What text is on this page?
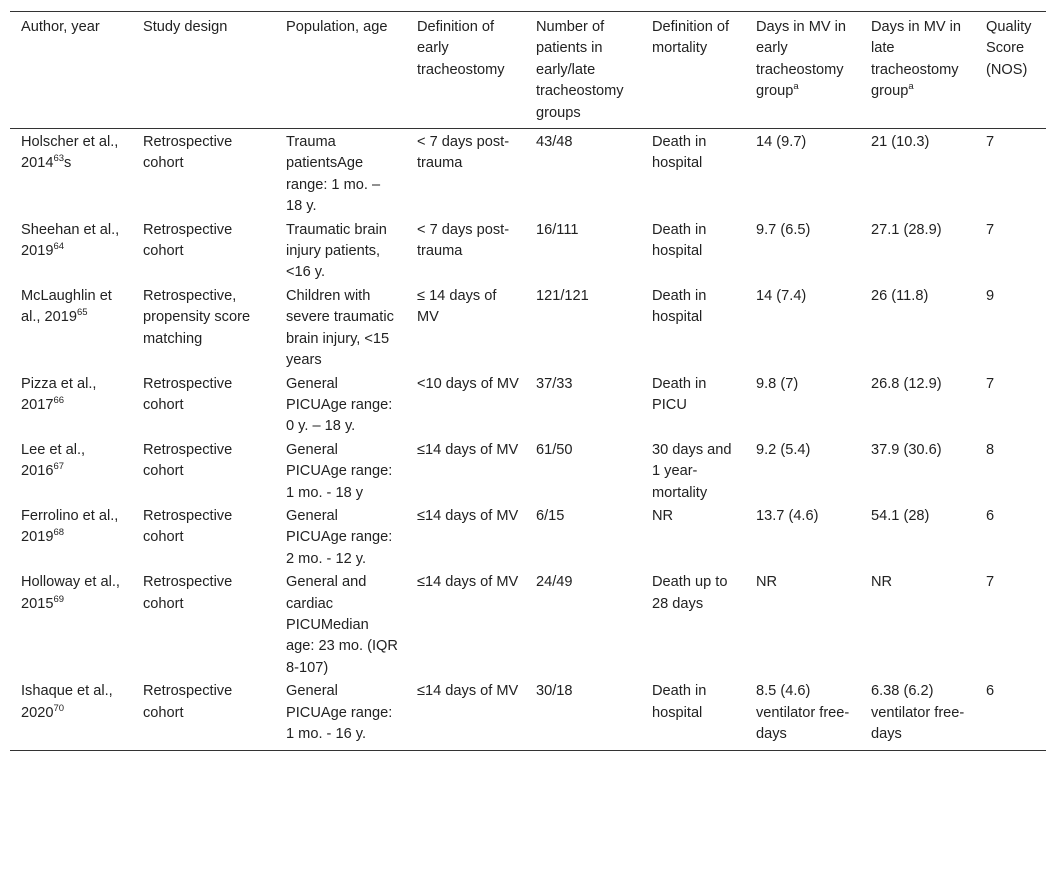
Author, year	Study design	Population, age	Definition of early tracheostomy	Number of patients in early/late tracheostomy groups	Definition of mortality	Days in MV in early tracheostomy group$^a$	Days in MV in late tracheostomy group$^a$	Quality Score (NOS)
Holscher et al., 2014$^{63}$s	Retrospective cohort	Trauma patientsAge range: 1 mo. – 18 y.	< 7 days post-trauma	43/48	Death in hospital	14 (9.7)	21 (10.3)	7
Sheehan et al., 2019$^{64}$	Retrospective cohort	Traumatic brain injury patients, <16 y.	< 7 days post-trauma	16/111	Death in hospital	9.7 (6.5)	27.1 (28.9)	7
McLaughlin et al., 2019$^{65}$	Retrospective, propensity score matching	Children with severe traumatic brain injury, <15 years	≤ 14 days of MV	121/121	Death in hospital	14 (7.4)	26 (11.8)	9
Pizza et al., 2017$^{66}$	Retrospective cohort	General PICUAge range: 0 y. – 18 y.	<10 days of MV	37/33	Death in PICU	9.8 (7)	26.8 (12.9)	7
Lee et al., 2016$^{67}$	Retrospective cohort	General PICUAge range: 1 mo. - 18 y	≤14 days of MV	61/50	30 days and 1 year-mortality	9.2 (5.4)	37.9 (30.6)	8
Ferrolino et al., 2019$^{68}$	Retrospective cohort	General PICUAge range: 2 mo. - 12 y.	≤14 days of MV	6/15	NR	13.7 (4.6)	54.1 (28)	6
Holloway et al., 2015$^{69}$	Retrospective cohort	General and cardiac PICUMedian age: 23 mo. (IQR 8-107)	≤14 days of MV	24/49	Death up to 28 days	NR	NR	7
Ishaque et al., 2020$^{70}$	Retrospective cohort	General PICUAge range: 1 mo. - 16 y.	≤14 days of MV	30/18	Death in hospital	8.5 (4.6) ventilator free-days	6.38 (6.2) ventilator free-days	6
